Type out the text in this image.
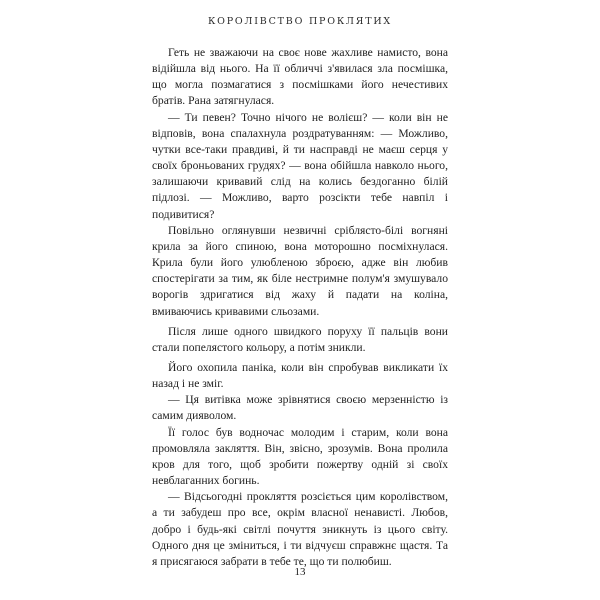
КОРОЛІВСТВО ПРОКЛЯТИХ

Геть не зважаючи на своє нове жахливе намисто, вона відійшла від нього. На її обличчі з'явилася зла посмішка, що могла позмагатися з посмішками його нечестивих братів. Рана затягнулася.

— Ти певен? Точно нічого не волієш? — коли він не відповів, вона спалахнула роздратуванням: — Можливо, чутки все-таки правдиві, й ти насправді не маєш серця у своїх броньованих грудях? — вона обійшла навколо нього, залишаючи кривавий слід на колись бездоганно білій підлозі. — Можливо, варто розсікти тебе навпіл і подивитися?

Повільно оглянувши незвичні сріблясто-білі вогняні крила за його спиною, вона моторошно посміхнулася. Крила були його улюбленою зброєю, адже він любив спостерігати за тим, як біле нестримне полум'я змушувало ворогів здригатися від жаху й падати на коліна, вмиваючись кривавими сльозами.

Після лише одного швидкого поруху її пальців вони стали попелястого кольору, а потім зникли.

Його охопила паніка, коли він спробував викликати їх назад і не зміг.

— Ця витівка може зрівнятися своєю мерзенністю із самим дияволом.

Її голос був водночас молодим і старим, коли вона промовляла закляття. Він, звісно, зрозумів. Вона пролила кров для того, щоб зробити пожертву одній зі своїх невблаганних богинь.

— Відсьогодні прокляття розсіється цим королівством, а ти забудеш про все, окрім власної ненависті. Любов, добро і будь-які світлі почуття зникнуть із цього світу. Одного дня це зміниться, і ти відчуєш справжнє щастя. Та я присягаюся забрати в тебе те, що ти полюбиш.

13
